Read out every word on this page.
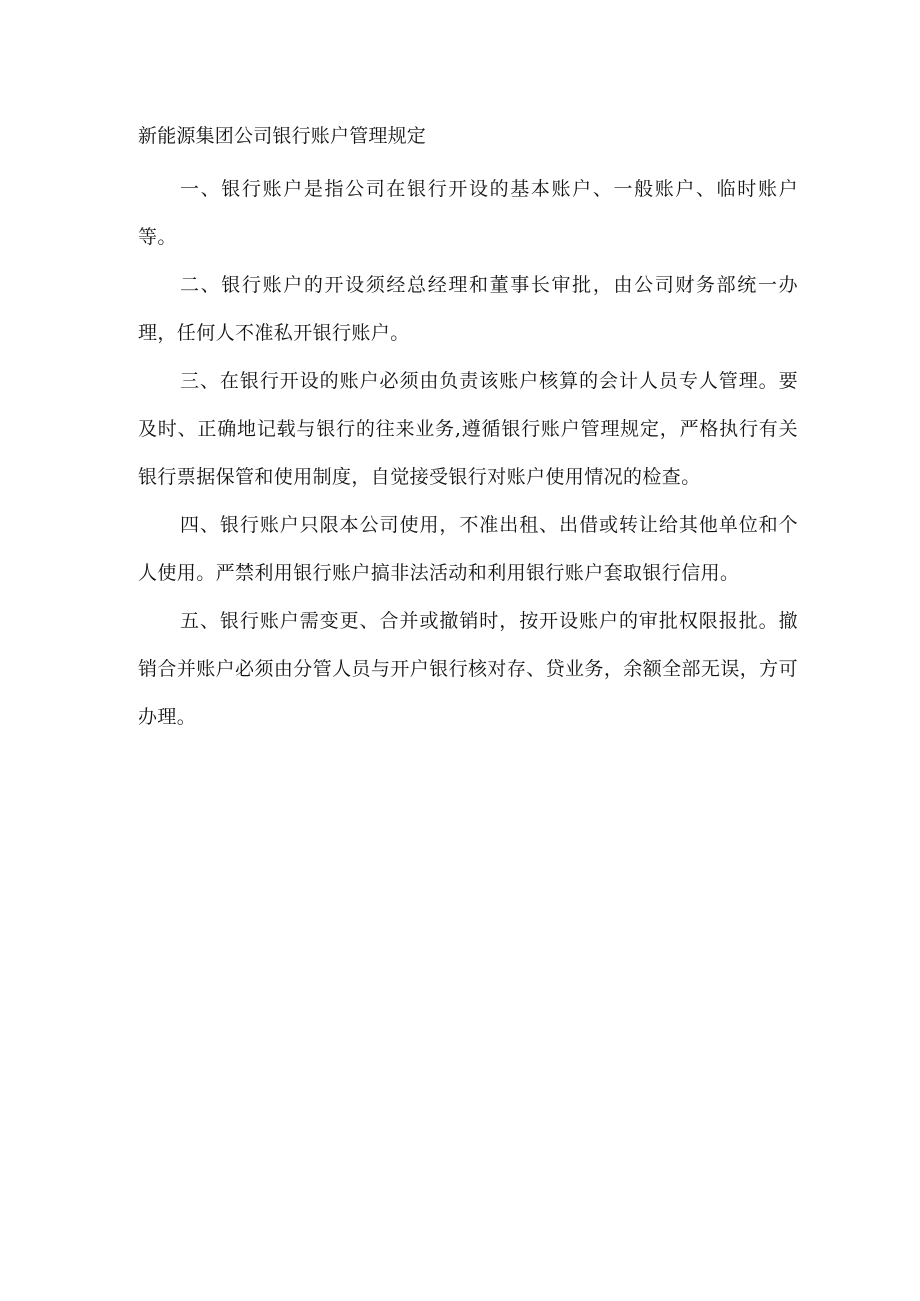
新能源集团公司银行账户管理规定

一、银行账户是指公司在银行开设的基本账户、一般账户、临时账户等。

二、银行账户的开设须经总经理和董事长审批，由公司财务部统一办理，任何人不准私开银行账户。

三、在银行开设的账户必须由负责该账户核算的会计人员专人管理。要及时、正确地记载与银行的往来业务,遵循银行账户管理规定，严格执行有关银行票据保管和使用制度，自觉接受银行对账户使用情况的检查。

四、银行账户只限本公司使用，不准出租、出借或转让给其他单位和个人使用。严禁利用银行账户搞非法活动和利用银行账户套取银行信用。

五、银行账户需变更、合并或撤销时，按开设账户的审批权限报批。撤销合并账户必须由分管人员与开户银行核对存、贷业务，余额全部无误，方可办理。
